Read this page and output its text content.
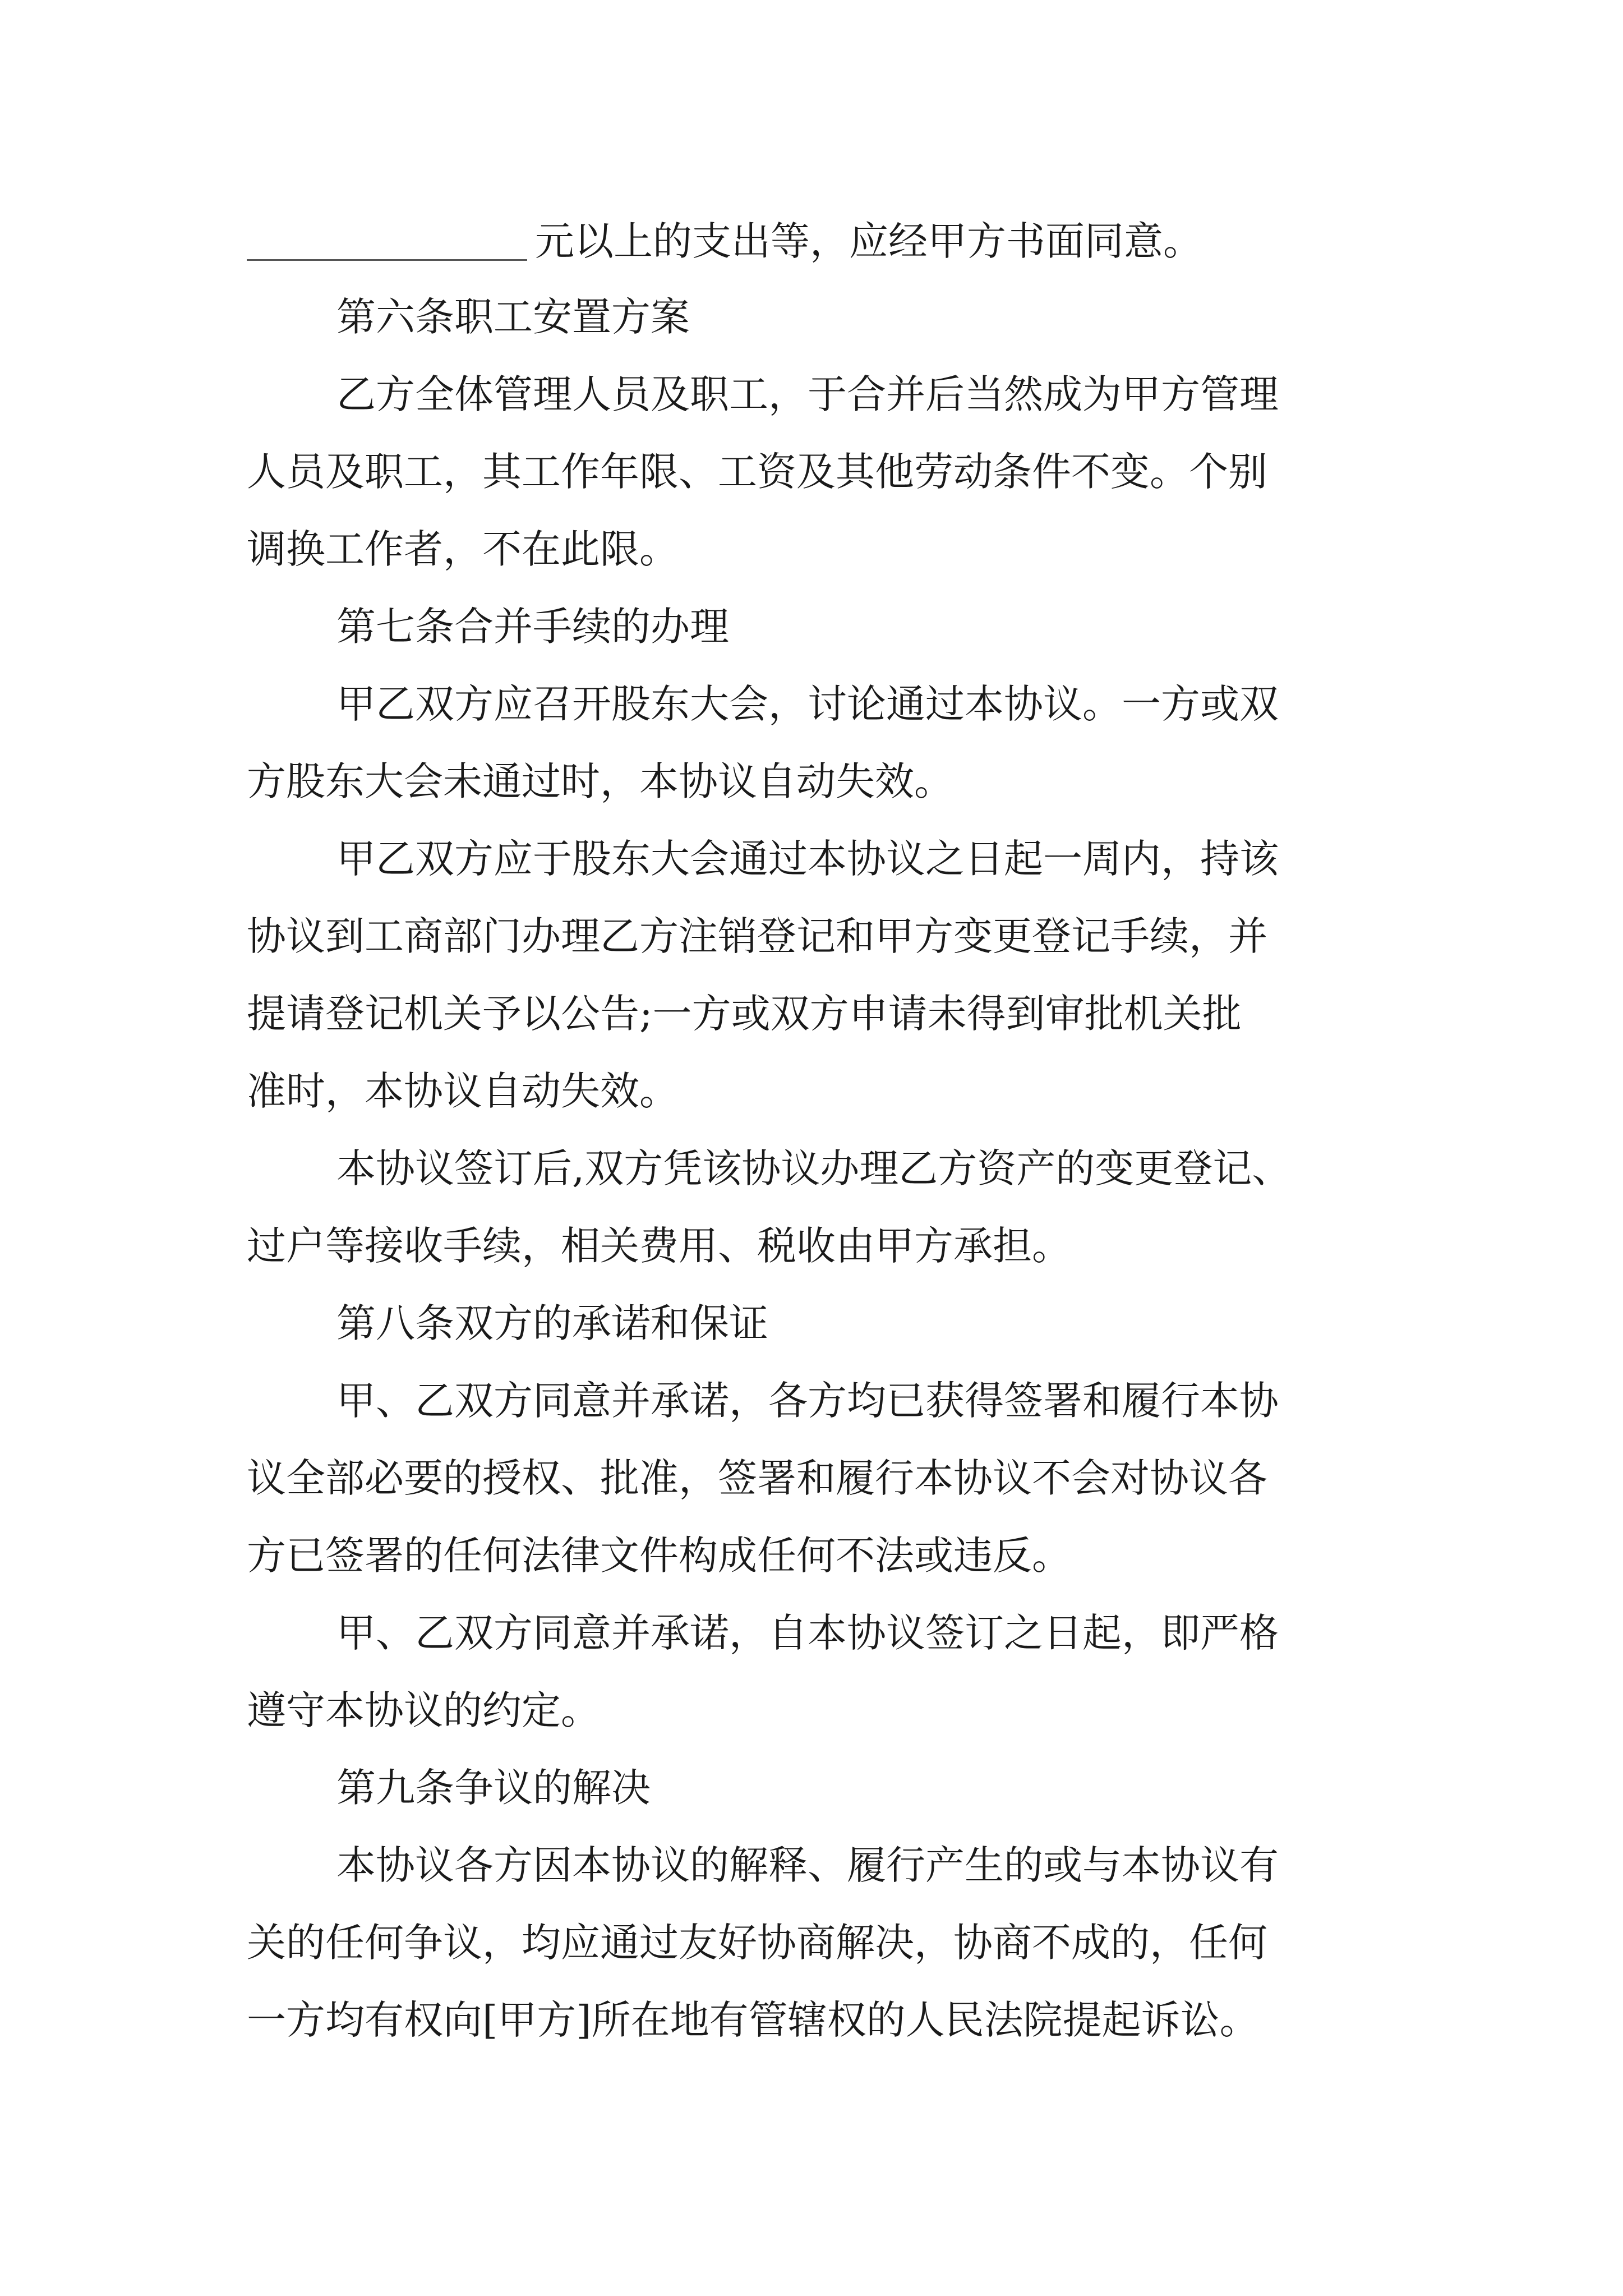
元以上的支出等，应经甲方书面同意。
第六条职工安置方案
乙方全体管理人员及职工，于合并后当然成为甲方管理
人员及职工，其工作年限、工资及其他劳动条件不变。个别
调换工作者，不在此限。
第七条合并手续的办理
甲乙双方应召开股东大会，讨论通过本协议。一方或双
方股东大会未通过时，本协议自动失效。
甲乙双方应于股东大会通过本协议之日起一周内，持该
协议到工商部门办理乙方注销登记和甲方变更登记手续，并
提请登记机关予以公告;一方或双方申请未得到审批机关批
准时，本协议自动失效。
本协议签订后,双方凭该协议办理乙方资产的变更登记、
过户等接收手续，相关费用、税收由甲方承担。
第八条双方的承诺和保证
甲、乙双方同意并承诺，各方均已获得签署和履行本协
议全部必要的授权、批准，签署和履行本协议不会对协议各
方已签署的任何法律文件构成任何不法或违反。
甲、乙双方同意并承诺，自本协议签订之日起，即严格
遵守本协议的约定。
第九条争议的解决
本协议各方因本协议的解释、履行产生的或与本协议有
关的任何争议，均应通过友好协商解决，协商不成的，任何
一方均有权向[甲方]所在地有管辖权的人民法院提起诉讼。
